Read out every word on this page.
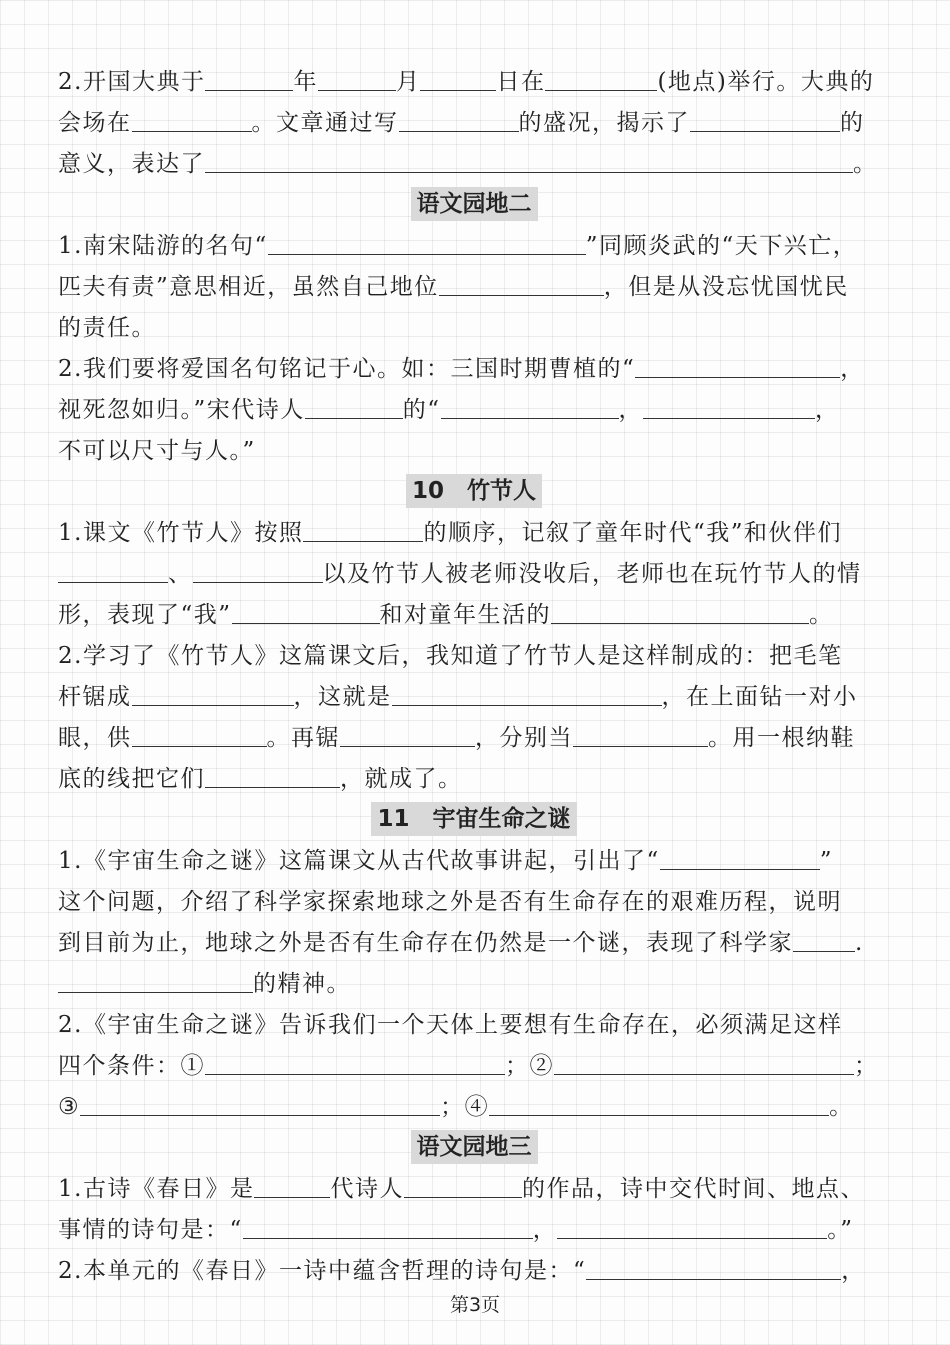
2.开国大典于	年	月	日在	(地点)举行。大典的
会场在	。文章通过写	的盛况，揭示了	的
意义，表达了	。
语文园地二
1.南宋陆游的名句“	”同顾炎武的“天下兴亡，
匹夫有责”意思相近，虽然自己地位	，但是从没忘忧国忧民
的责任。
2.我们要将爱国名句铭记于心。如：三国时期曹植的“	，
视死忽如归。”宋代诗人	的“	，	，
不可以尺寸与人。”
10　竹节人
1.课文《竹节人》按照	的顺序，记叙了童年时代“我”和伙伴们
、	以及竹节人被老师没收后，老师也在玩竹节人的情
形，表现了“我”	和对童年生活的	。
2.学习了《竹节人》这篇课文后，我知道了竹节人是这样制成的：把毛笔
杆锯成	，这就是	，在上面钻一对小
眼，供	。再锯	，分别当	。用一根纳鞋
底的线把它们	，就成了。
11　宇宙生命之谜
1.《宇宙生命之谜》这篇课文从古代故事讲起，引出了“	”
这个问题，介绍了科学家探索地球之外是否有生命存在的艰难历程，说明
到目前为止，地球之外是否有生命存在仍然是一个谜，表现了科学家	.
的精神。
2.《宇宙生命之谜》告诉我们一个天体上要想有生命存在，必须满足这样
四个条件：①	；②	；
③	；④	。
语文园地三
1.古诗《春日》是	代诗人	的作品，诗中交代时间、地点、
事情的诗句是：“	，	。”
2.本单元的《春日》一诗中蕴含哲理的诗句是：“	，
第3页
